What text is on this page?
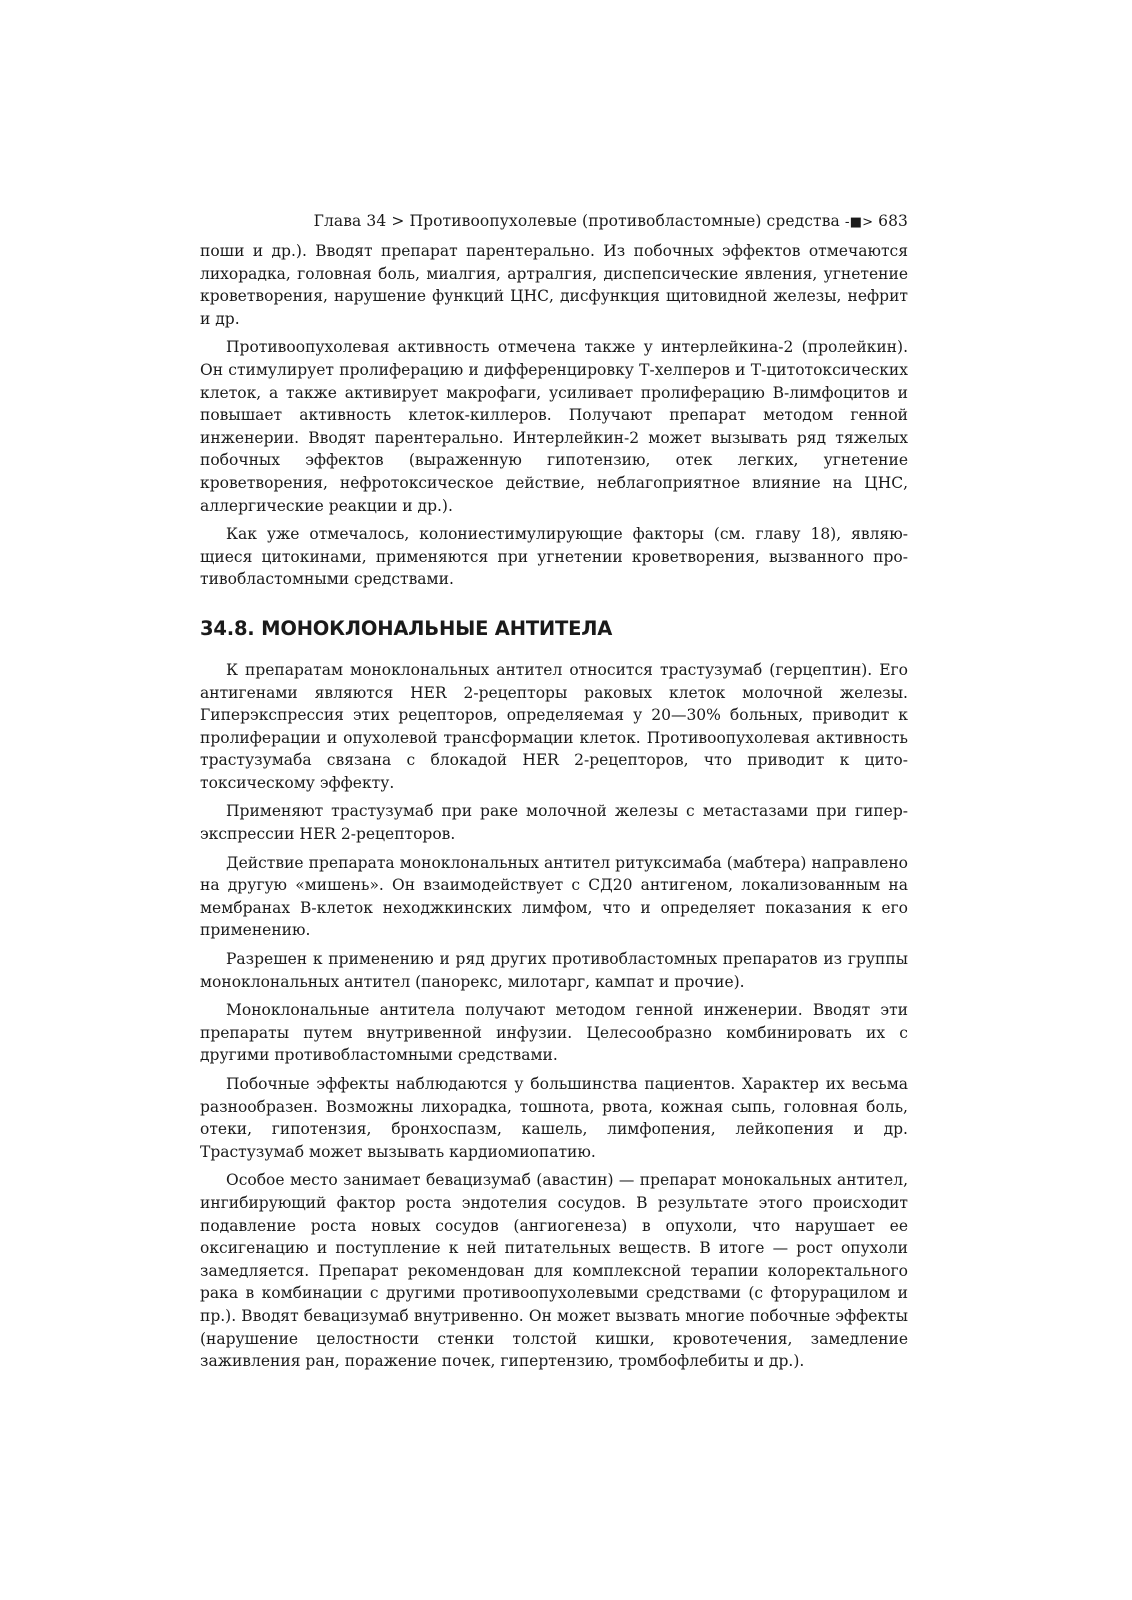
Глава 34 > Противоопухолевые (противобластомные) средства -■> 683

поши и др.). Вводят препарат парентерально. Из побочных эффектов отмечаются лихорадка, головная боль, миалгия, артралгия, диспепсические явления, угнетение кроветворения, нарушение функций ЦНС, дисфункция щитовидной железы, нефрит и др.

Противоопухолевая активность отмечена также у интерлейкина-2 (пролейкин). Он стимулирует пролиферацию и дифференцировку Т-хелперов и Т-цитотоксических клеток, а также активирует макрофаги, усиливает пролиферацию В-лимфоцитов и повышает активность клеток-киллеров. Получают препарат методом генной инженерии. Вводят парентерально. Интерлейкин-2 может вызывать ряд тяжелых побочных эффектов (выраженную гипотензию, отек легких, угнетение кроветворения, нефротоксическое действие, неблагоприятное влияние на ЦНС, аллергические реакции и др.).

Как уже отмечалось, колониестимулирующие факторы (см. главу 18), являющиеся цитокинами, применяются при угнетении кроветворения, вызванного противобластомными средствами.

34.8. МОНОКЛОНАЛЬНЫЕ АНТИТЕЛА

К препаратам моноклональных антител относится трастузумаб (герцептин). Его антигенами являются HER 2-рецепторы раковых клеток молочной железы. Гиперэкспрессия этих рецепторов, определяемая у 20—30% больных, приводит к пролиферации и опухолевой трансформации клеток. Противоопухолевая активность трастузумаба связана с блокадой HER 2-рецепторов, что приводит к цитотоксическому эффекту.

Применяют трастузумаб при раке молочной железы с метастазами при гиперэкспрессии HER 2-рецепторов.

Действие препарата моноклональных антител ритуксимаба (мабтера) направлено на другую «мишень». Он взаимодействует с СД20 антигеном, локализованным на мембранах В-клеток неходжкинских лимфом, что и определяет показания к его применению.

Разрешен к применению и ряд других противобластомных препаратов из группы моноклональных антител (панорекс, милотарг, кампат и прочие).

Моноклональные антитела получают методом генной инженерии. Вводят эти препараты путем внутривенной инфузии. Целесообразно комбинировать их с другими противобластомными средствами.

Побочные эффекты наблюдаются у большинства пациентов. Характер их весьма разнообразен. Возможны лихорадка, тошнота, рвота, кожная сыпь, головная боль, отеки, гипотензия, бронхоспазм, кашель, лимфопения, лейкопения и др. Трастузумаб может вызывать кардиомиопатию.

Особое место занимает бевацизумаб (авастин) — препарат монокальных антител, ингибирующий фактор роста эндотелия сосудов. В результате этого происходит подавление роста новых сосудов (ангиогенеза) в опухоли, что нарушает ее оксигенацию и поступление к ней питательных веществ. В итоге — рост опухоли замедляется. Препарат рекомендован для комплексной терапии колоректального рака в комбинации с другими противоопухолевыми средствами (с фторурацилом и пр.). Вводят бевацизумаб внутривенно. Он может вызвать многие побочные эффекты (нарушение целостности стенки толстой кишки, кровотечения, замедление заживления ран, поражение почек, гипертензию, тромбофлебиты и др.).
